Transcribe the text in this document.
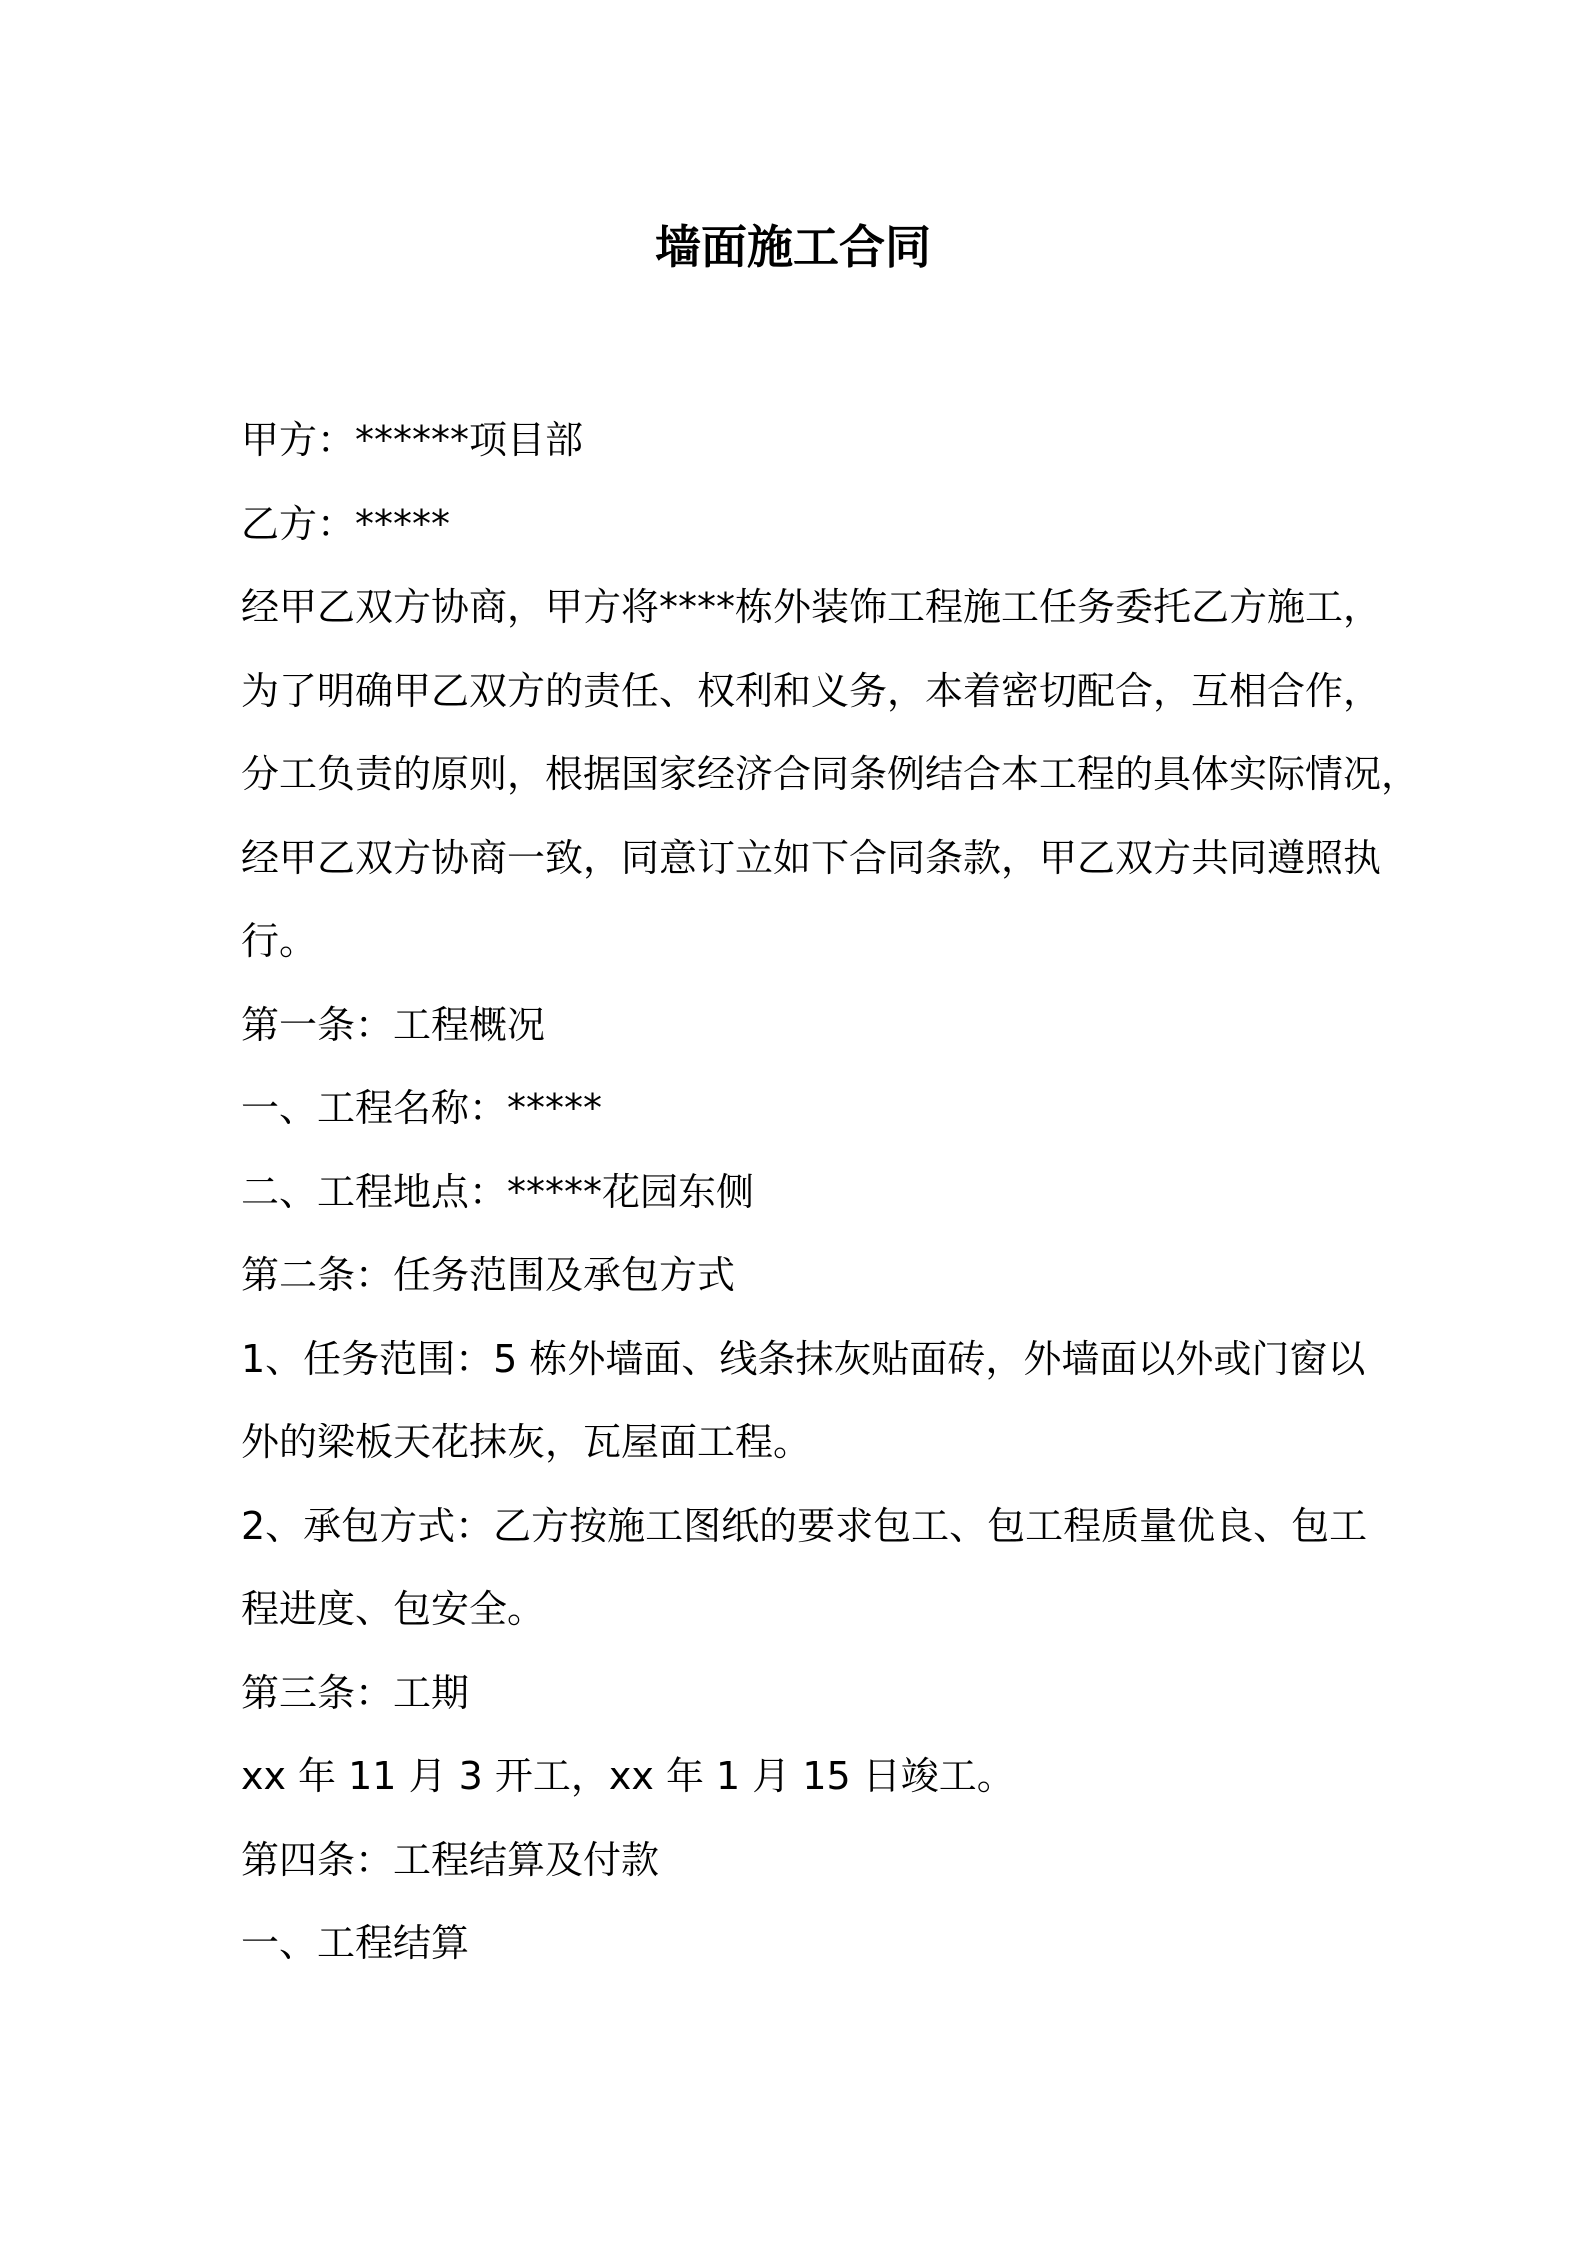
墙面施工合同

甲方：******项目部

乙方：*****

经甲乙双方协商，甲方将****栋外装饰工程施工任务委托乙方施工，

为了明确甲乙双方的责任、权利和义务，本着密切配合，互相合作，

分工负责的原则，根据国家经济合同条例结合本工程的具体实际情况，

经甲乙双方协商一致，同意订立如下合同条款，甲乙双方共同遵照执

行。

第一条：工程概况

一、工程名称：*****

二、工程地点：*****花园东侧

第二条：任务范围及承包方式

1、任务范围：5 栋外墙面、线条抹灰贴面砖，外墙面以外或门窗以

外的梁板天花抹灰，瓦屋面工程。

2、承包方式：乙方按施工图纸的要求包工、包工程质量优良、包工

程进度、包安全。

第三条：工期

xx 年 11 月 3 开工，xx 年 1 月 15 日竣工。

第四条：工程结算及付款

一、工程结算
